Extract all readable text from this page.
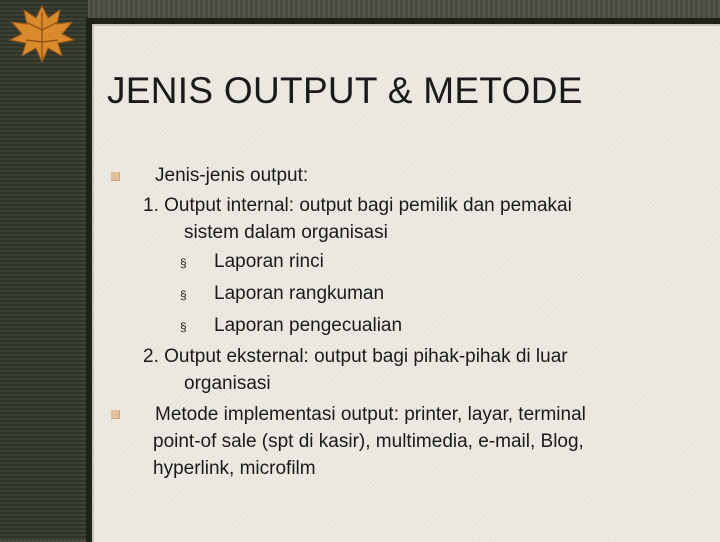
JENIS OUTPUT & METODE
Jenis-jenis output:
1. Output internal: output bagi pemilik dan pemakai
sistem dalam organisasi
§ Laporan rinci
§ Laporan rangkuman
§ Laporan pengecualian
2. Output eksternal: output bagi pihak-pihak di luar
organisasi
Metode implementasi output: printer, layar, terminal
point-of sale (spt di kasir), multimedia, e-mail, Blog,
hyperlink, microfilm
